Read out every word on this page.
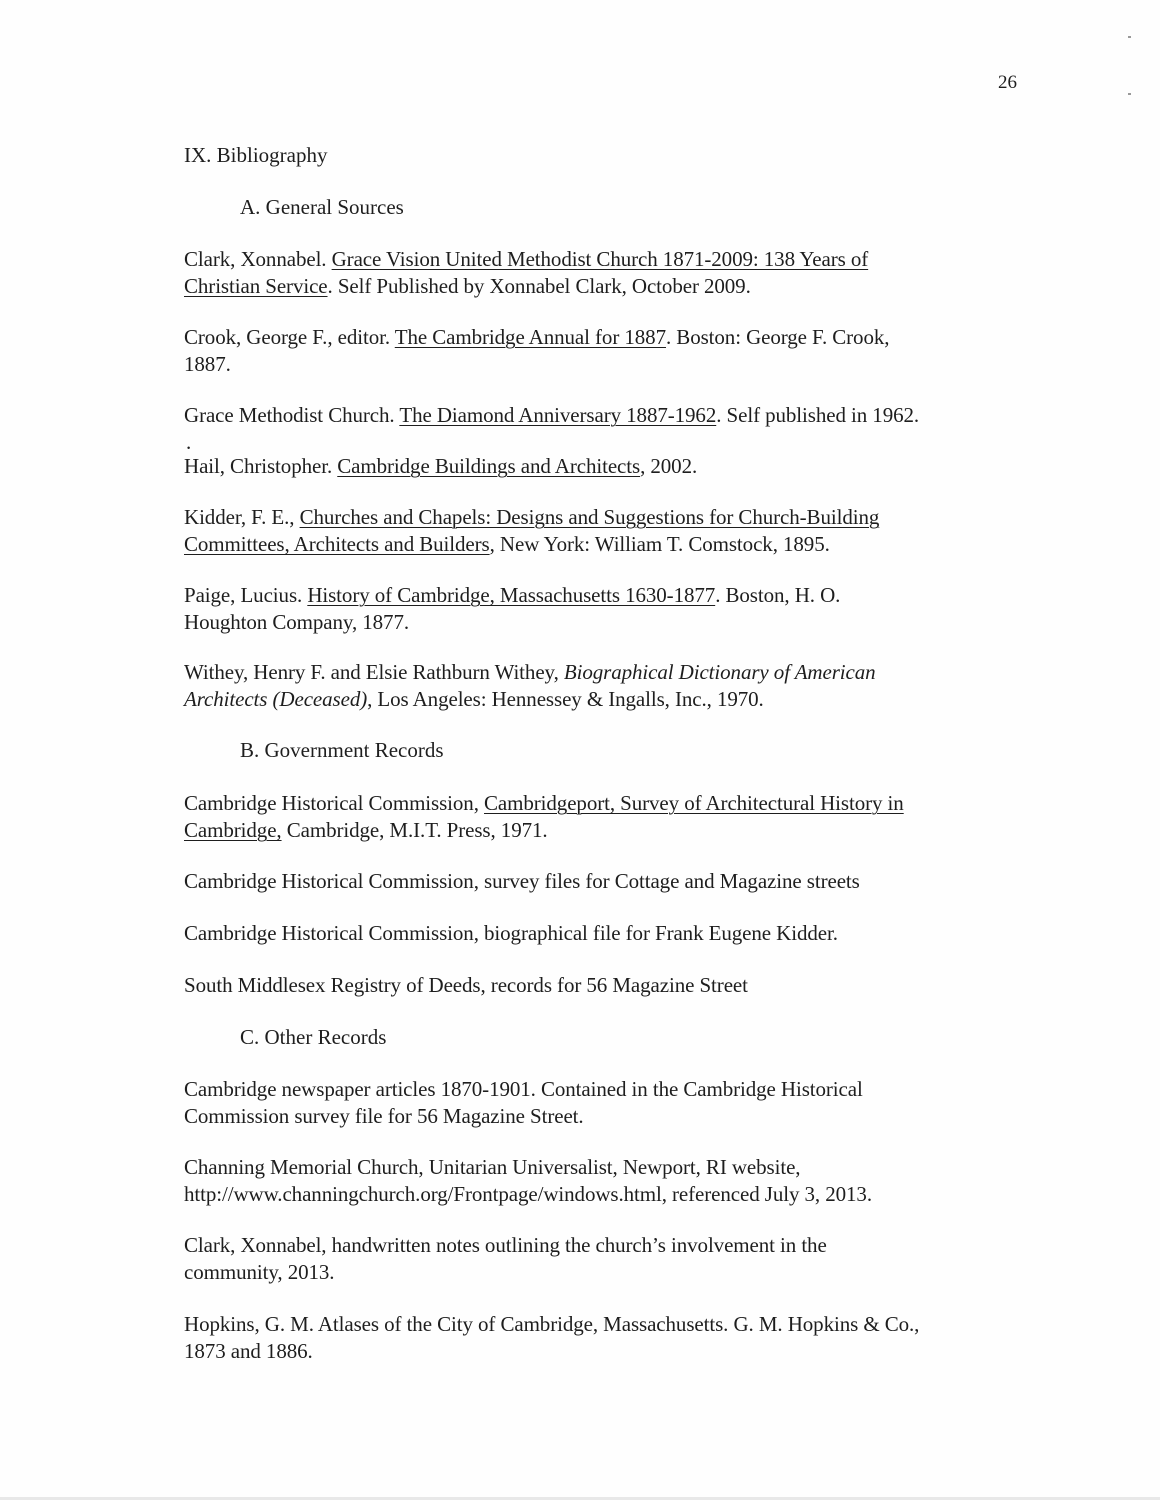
26
IX. Bibliography
A. General Sources
B. Government Records
C. Other Records
.
Clark, Xonnabel. Grace Vision United Methodist Church 1871-2009: 138 Years of
Christian Service. Self Published by Xonnabel Clark, October 2009.
Crook, George F., editor. The Cambridge Annual for 1887. Boston: George F. Crook,
1887.
Grace Methodist Church. The Diamond Anniversary 1887-1962. Self published in 1962.
Hail, Christopher. Cambridge Buildings and Architects, 2002.
Kidder, F. E., Churches and Chapels: Designs and Suggestions for Church-Building
Committees, Architects and Builders, New York: William T. Comstock, 1895.
Paige, Lucius. History of Cambridge, Massachusetts 1630-1877. Boston, H. O.
Houghton Company, 1877.
Withey, Henry F. and Elsie Rathburn Withey, Biographical Dictionary of American
Architects (Deceased), Los Angeles: Hennessey & Ingalls, Inc., 1970.
Cambridge Historical Commission, Cambridgeport, Survey of Architectural History in
Cambridge, Cambridge, M.I.T. Press, 1971.
Cambridge Historical Commission, survey files for Cottage and Magazine streets
Cambridge Historical Commission, biographical file for Frank Eugene Kidder.
South Middlesex Registry of Deeds, records for 56 Magazine Street
Cambridge newspaper articles 1870-1901. Contained in the Cambridge Historical
Commission survey file for 56 Magazine Street.
Channing Memorial Church, Unitarian Universalist, Newport, RI website,
http://www.channingchurch.org/Frontpage/windows.html, referenced July 3, 2013.
Clark, Xonnabel, handwritten notes outlining the church’s involvement in the
community, 2013.
Hopkins, G. M. Atlases of the City of Cambridge, Massachusetts. G. M. Hopkins & Co.,
1873 and 1886.
